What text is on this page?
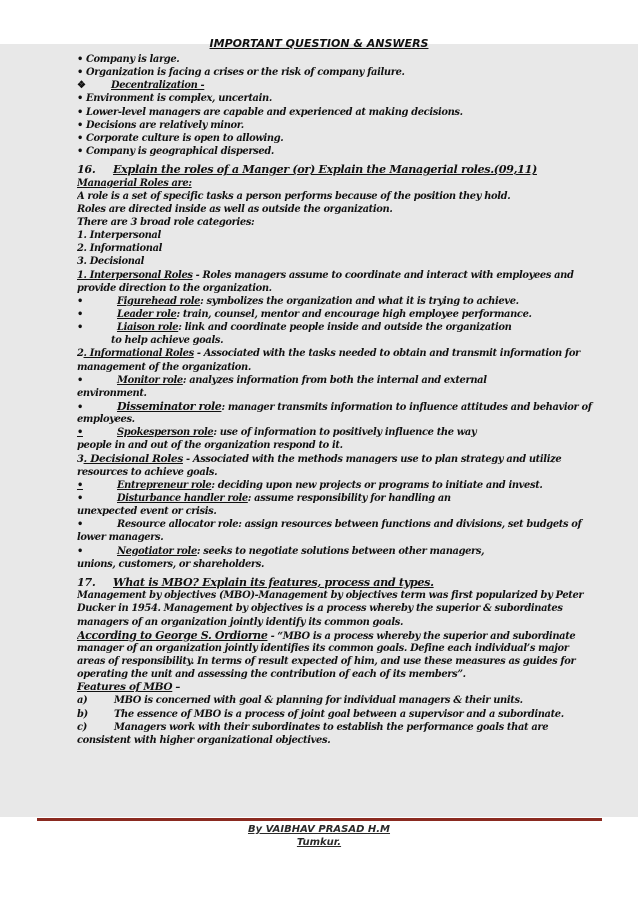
IMPORTANT QUESTION & ANSWERS
• Company is large.
• Organization is facing a crises or the risk of company failure.
❖	Decentralization -
• Environment is complex, uncertain.
• Lower-level managers are capable and experienced at making decisions.
• Decisions are relatively minor.
• Corporate culture is open to allowing.
• Company is geographical dispersed.
16. Explain the roles of a Manger (or) Explain the Managerial roles.(09,11)
Managerial Roles are:
A role is a set of specific tasks a person performs because of the position they hold.
Roles are directed inside as well as outside the organization.
There are 3 broad role categories:
1. Interpersonal
2. Informational
3. Decisional
1. Interpersonal Roles - Roles managers assume to coordinate and interact with employees and
provide direction to the organization.
•	Figurehead role: symbolizes the organization and what it is trying to achieve.
•	Leader role: train, counsel, mentor and encourage high employee performance.
•	Liaison role: link and coordinate people inside and outside the organization
to help achieve goals.
2. Informational Roles - Associated with the tasks needed to obtain and transmit information for
management of the organization.
•	Monitor role: analyzes information from both the internal and external
environment.
•	Disseminator role: manager transmits information to influence attitudes and behavior of
employees.
•	Spokesperson role: use of information to positively influence the way
people in and out of the organization respond to it.
3. Decisional Roles - Associated with the methods managers use to plan strategy and utilize
resources to achieve goals.
•	Entrepreneur role: deciding upon new projects or programs to initiate and invest.
•	Disturbance handler role: assume responsibility for handling an
unexpected event or crisis.
•	Resource allocator role: assign resources between functions and divisions, set budgets of
lower managers.
•	Negotiator role: seeks to negotiate solutions between other managers,
unions, customers, or shareholders.
17. What is MBO? Explain its features, process and types.
Management by objectives (MBO)-Management by objectives term was first popularized by Peter
Ducker in 1954. Management by objectives is a process whereby the superior & subordinates
managers of an organization jointly identify its common goals.
According to George S. Ordiorne - “MBO is a process whereby the superior and subordinate
manager of an organization jointly identifies its common goals. Define each individual’s major
areas of responsibility. In terms of result expected of him, and use these measures as guides for
operating the unit and assessing the contribution of each of its members”.
Features of MBO –
a)	MBO is concerned with goal & planning for individual managers & their units.
b)	The essence of MBO is a process of joint goal between a supervisor and a subordinate.
c)	Managers work with their subordinates to establish the performance goals that are
consistent with higher organizational objectives.
By VAIBHAV PRASAD H.M
Tumkur.
